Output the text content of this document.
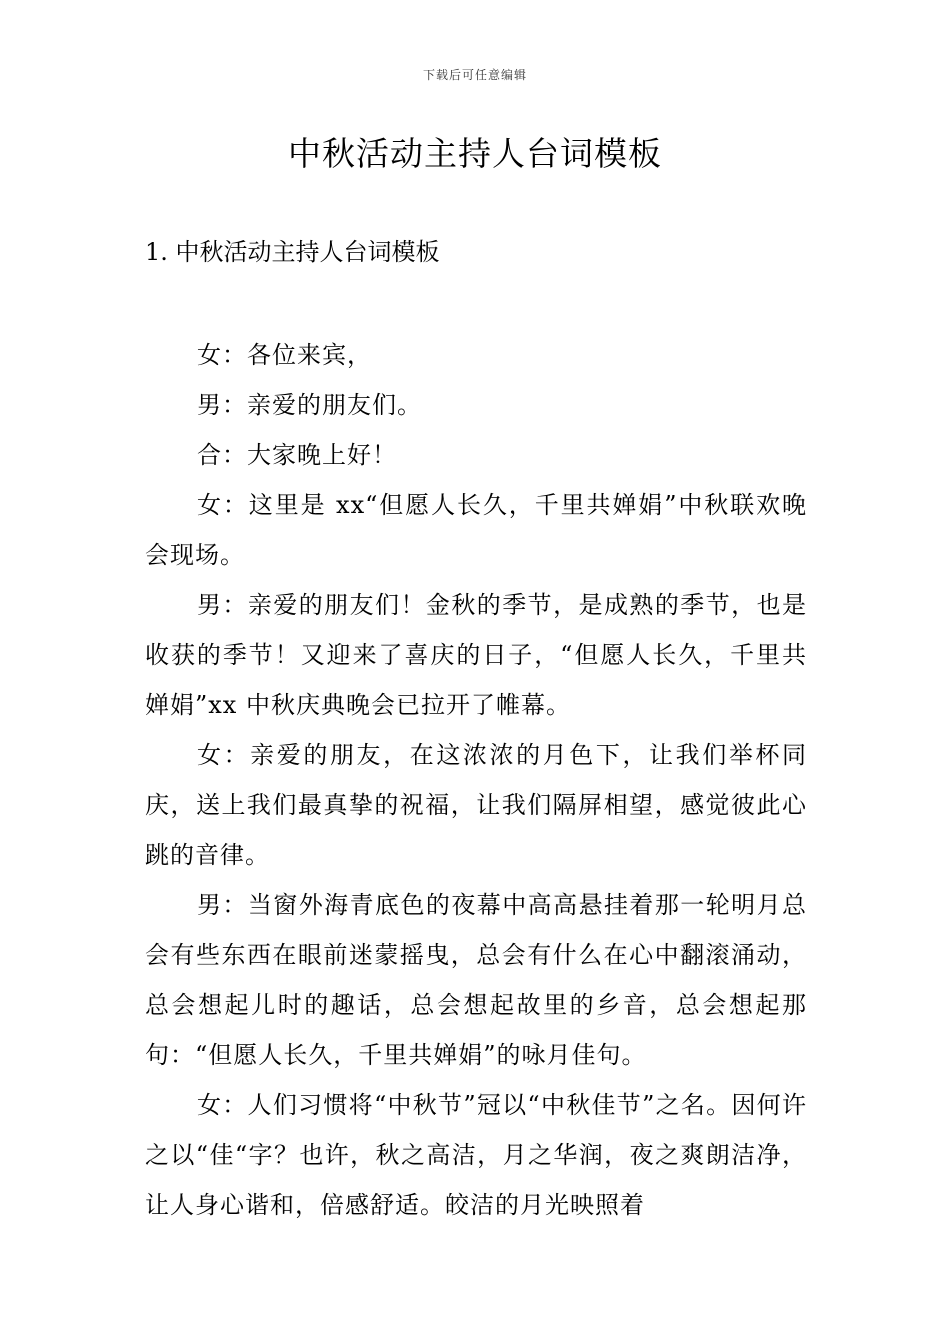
下载后可任意编辑
中秋活动主持人台词模板
1. 中秋活动主持人台词模板

女：各位来宾，

男：亲爱的朋友们。

合：大家晚上好！

女：这里是 xx“但愿人长久，千里共婵娟”中秋联欢晚会现场。

男：亲爱的朋友们！金秋的季节，是成熟的季节，也是收获的季节！又迎来了喜庆的日子，“但愿人长久，千里共婵娟”xx 中秋庆典晚会已拉开了帷幕。

女：亲爱的朋友，在这浓浓的月色下，让我们举杯同庆，送上我们最真挚的祝福，让我们隔屏相望，感觉彼此心跳的音律。

男：当窗外海青底色的夜幕中高高悬挂着那一轮明月总会有些东西在眼前迷蒙摇曳，总会有什么在心中翻滚涌动，总会想起儿时的趣话，总会想起故里的乡音，总会想起那句：“但愿人长久，千里共婵娟”的咏月佳句。

女：人们习惯将“中秋节”冠以“中秋佳节”之名。因何许之以“佳“字？也许，秋之高洁，月之华润，夜之爽朗洁净，让人身心谐和，倍感舒适。皎洁的月光映照着
